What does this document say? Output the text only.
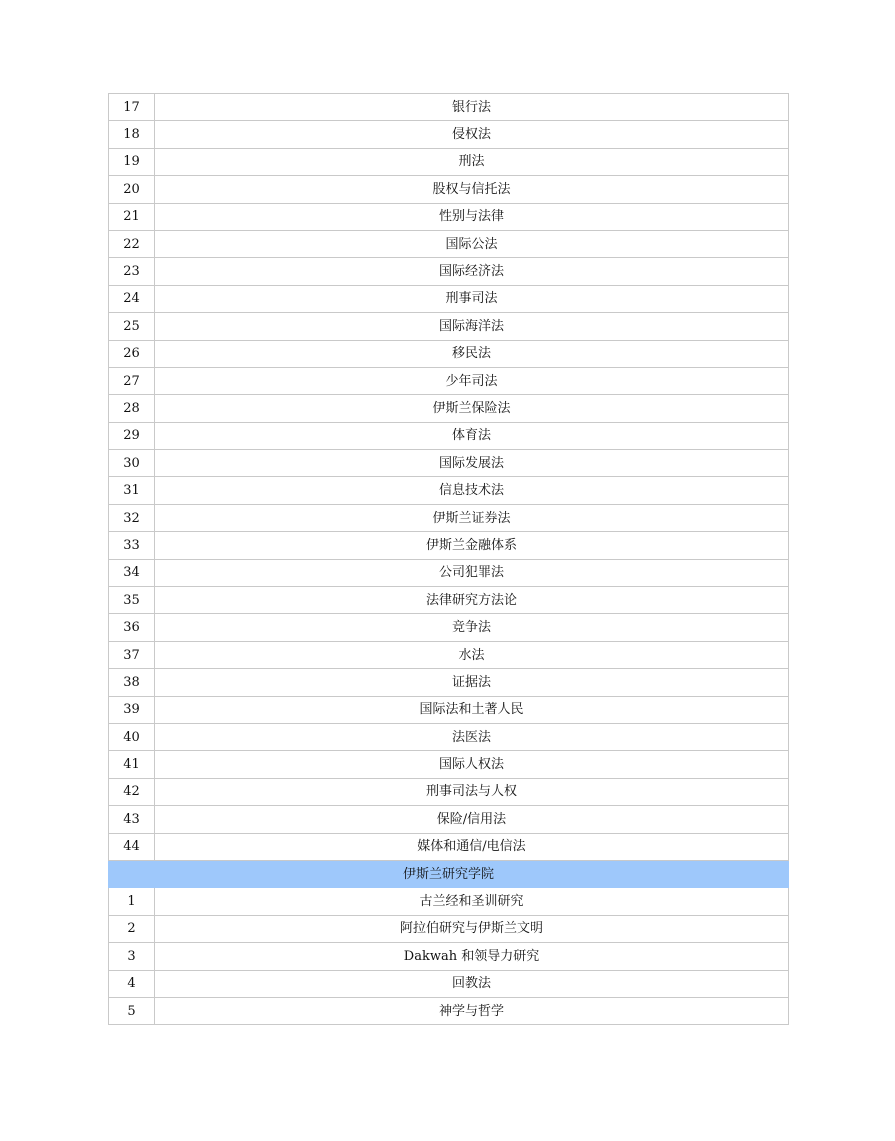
17	银行法
18	侵权法
19	刑法
20	股权与信托法
21	性别与法律
22	国际公法
23	国际经济法
24	刑事司法
25	国际海洋法
26	移民法
27	少年司法
28	伊斯兰保险法
29	体育法
30	国际发展法
31	信息技术法
32	伊斯兰证券法
33	伊斯兰金融体系
34	公司犯罪法
35	法律研究方法论
36	竞争法
37	水法
38	证据法
39	国际法和土著人民
40	法医法
41	国际人权法
42	刑事司法与人权
43	保险/信用法
44	媒体和通信/电信法
伊斯兰研究学院	
1	古兰经和圣训研究
2	阿拉伯研究与伊斯兰文明
3	Dakwah 和领导力研究
4	回教法
5	神学与哲学
